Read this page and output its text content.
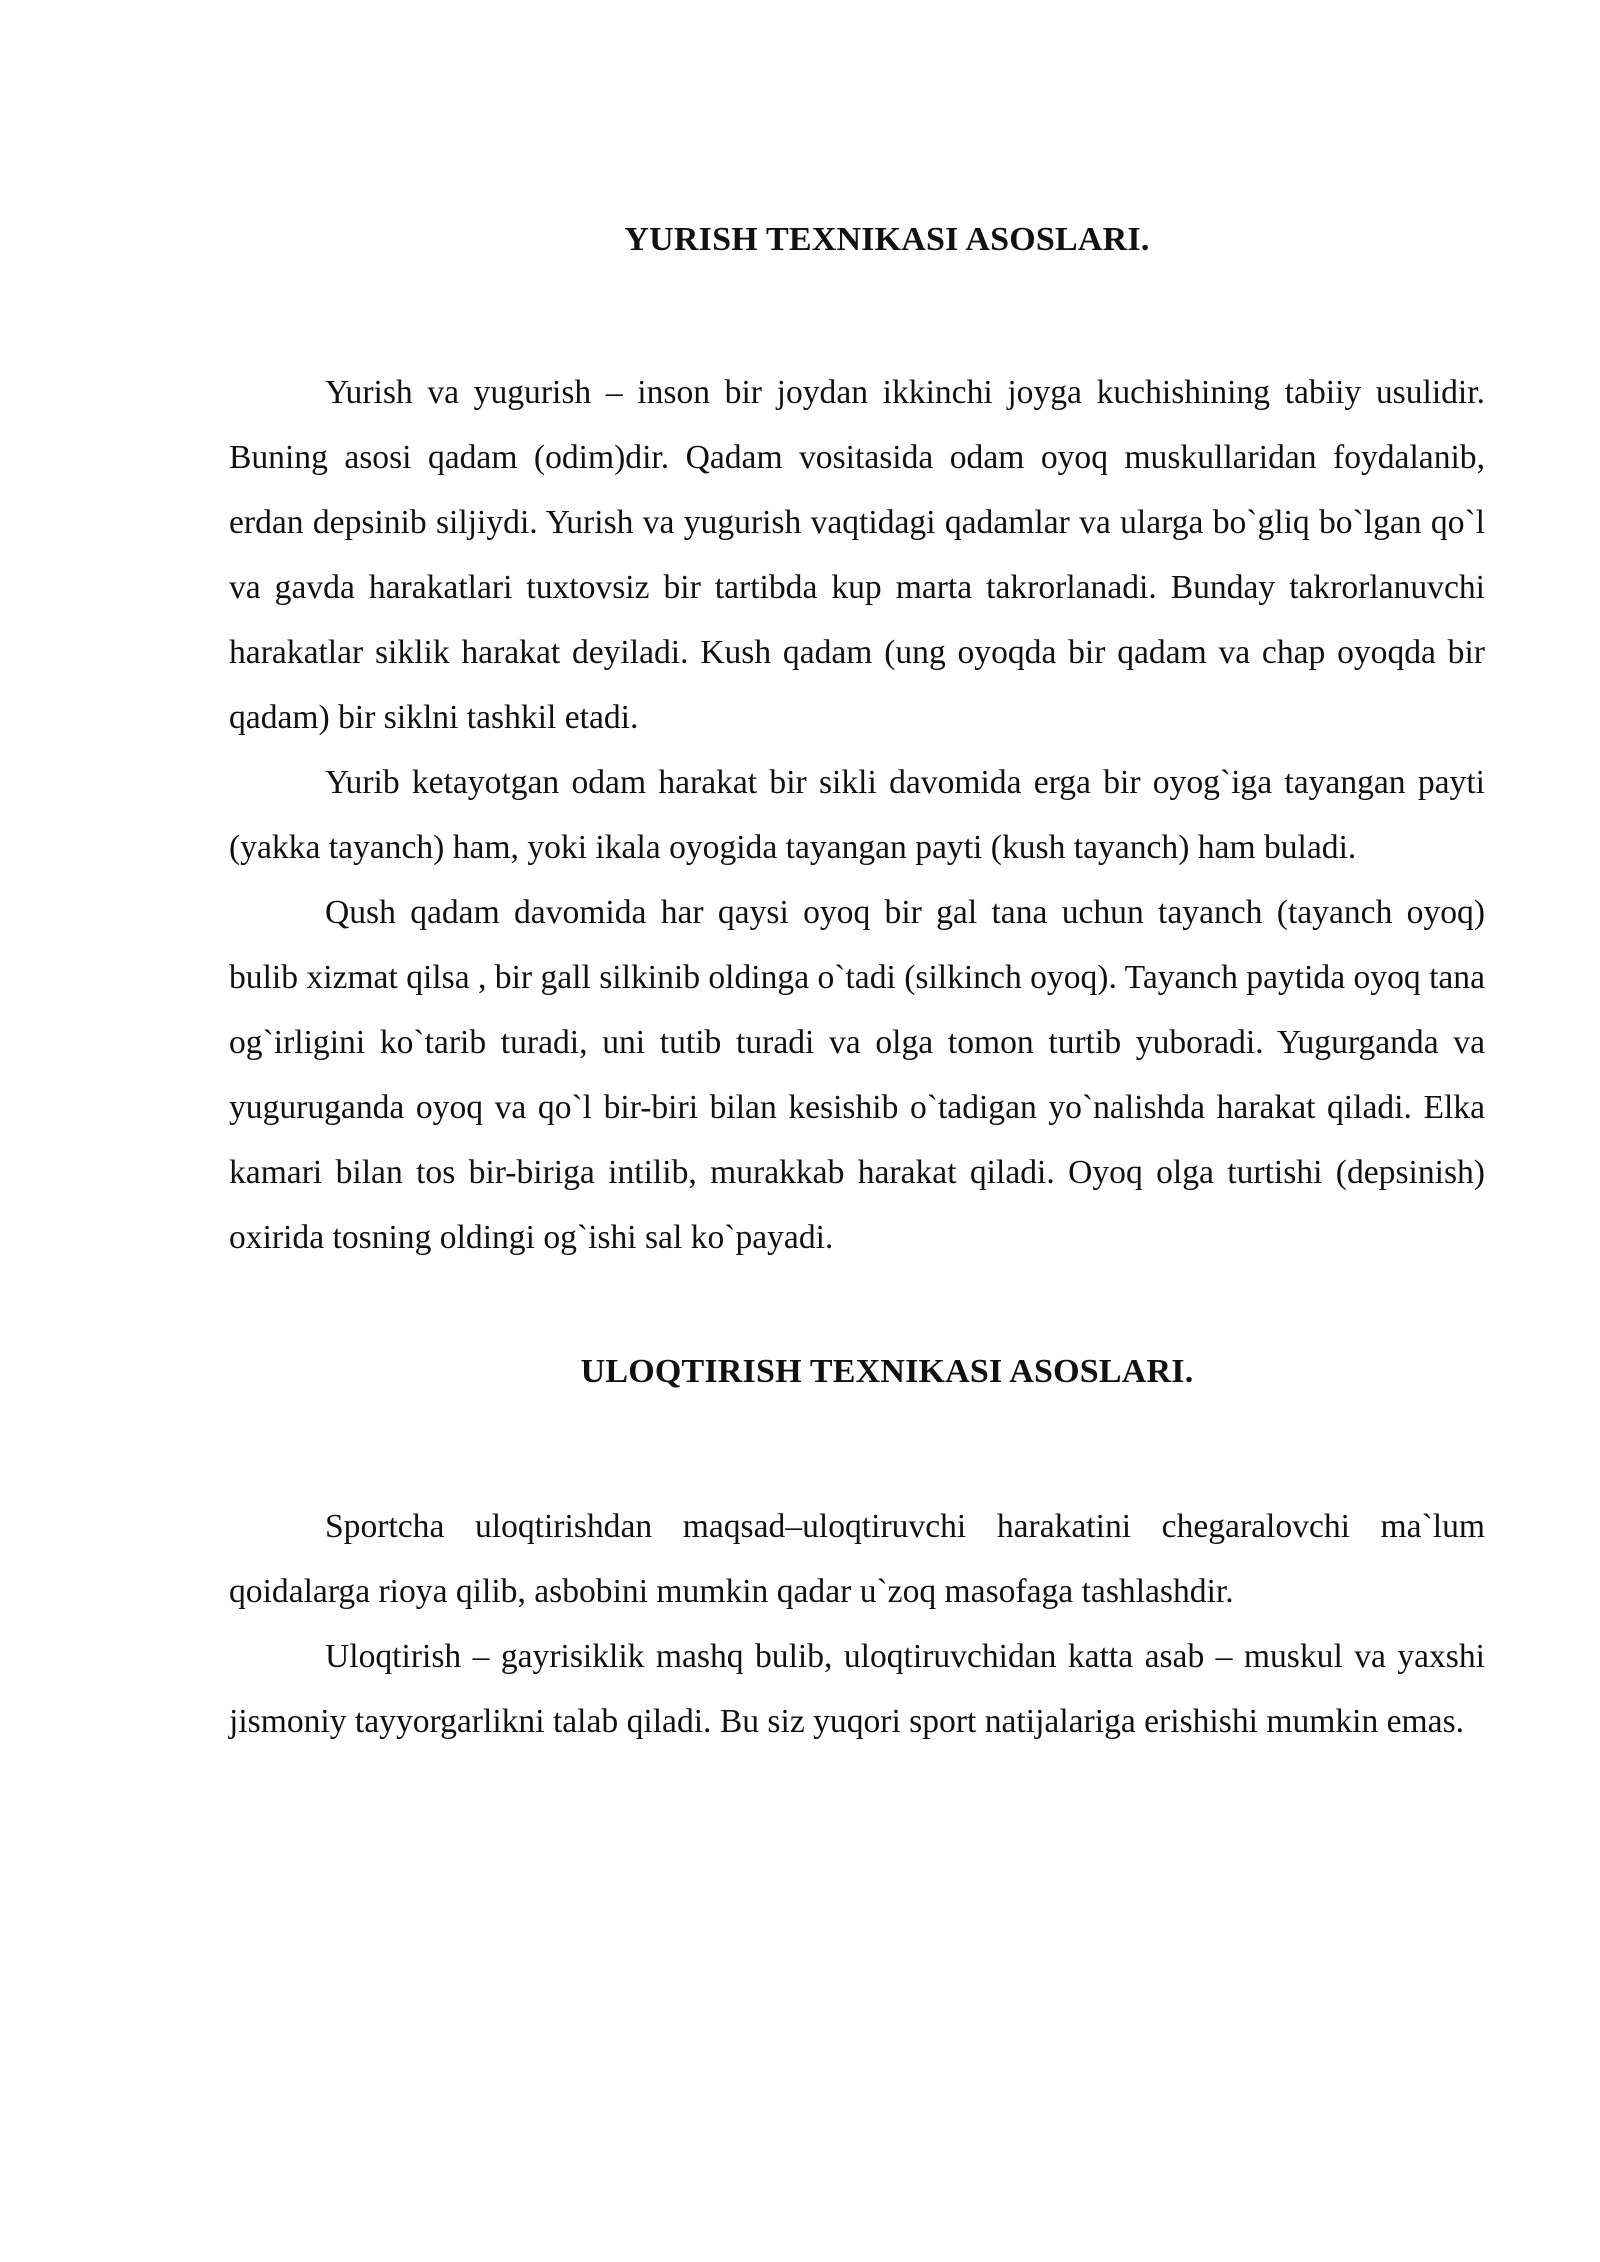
YURISH TEXNIKASI ASOSLARI.

Yurish va yugurish – inson bir joydan ikkinchi joyga kuchishining tabiiy usulidir. Buning asosi qadam (odim)dir. Qadam vositasida odam oyoq muskullaridan foydalanib, erdan depsinib siljiydi. Yurish va yugurish vaqtidagi qadamlar va ularga bo`gliq bo`lgan qo`l va gavda harakatlari tuxtovsiz bir tartibda kup marta takrorlanadi. Bunday takrorlanuvchi harakatlar siklik harakat deyiladi. Kush qadam (ung oyoqda bir qadam va chap oyoqda bir qadam) bir siklni tashkil etadi.

Yurib ketayotgan odam harakat bir sikli davomida erga bir oyog`iga tayangan payti (yakka tayanch) ham, yoki ikala oyogida tayangan payti (kush tayanch) ham buladi.

Qush qadam davomida har qaysi oyoq bir gal tana uchun tayanch (tayanch oyoq) bulib xizmat qilsa , bir gall silkinib oldinga o`tadi (silkinch oyoq). Tayanch paytida oyoq tana og`irligini ko`tarib turadi, uni tutib turadi va olga tomon turtib yuboradi. Yugurganda va yuguruganda oyoq va qo`l bir-biri bilan kesishib o`tadigan yo`nalishda harakat qiladi. Elka kamari bilan tos bir-biriga intilib, murakkab harakat qiladi. Oyoq olga turtishi (depsinish) oxirida tosning oldingi og`ishi sal ko`payadi.

ULOQTIRISH TEXNIKASI ASOSLARI.

Sportcha uloqtirishdan maqsad–uloqtiruvchi harakatini chegaralovchi ma`lum qoidalarga rioya qilib, asbobini mumkin qadar u`zoq masofaga tashlashdir.

Uloqtirish – gayrisiklik mashq bulib, uloqtiruvchidan katta asab – muskul va yaxshi jismoniy tayyorgarlikni talab qiladi. Bu siz yuqori sport natijalariga erishishi mumkin emas.
